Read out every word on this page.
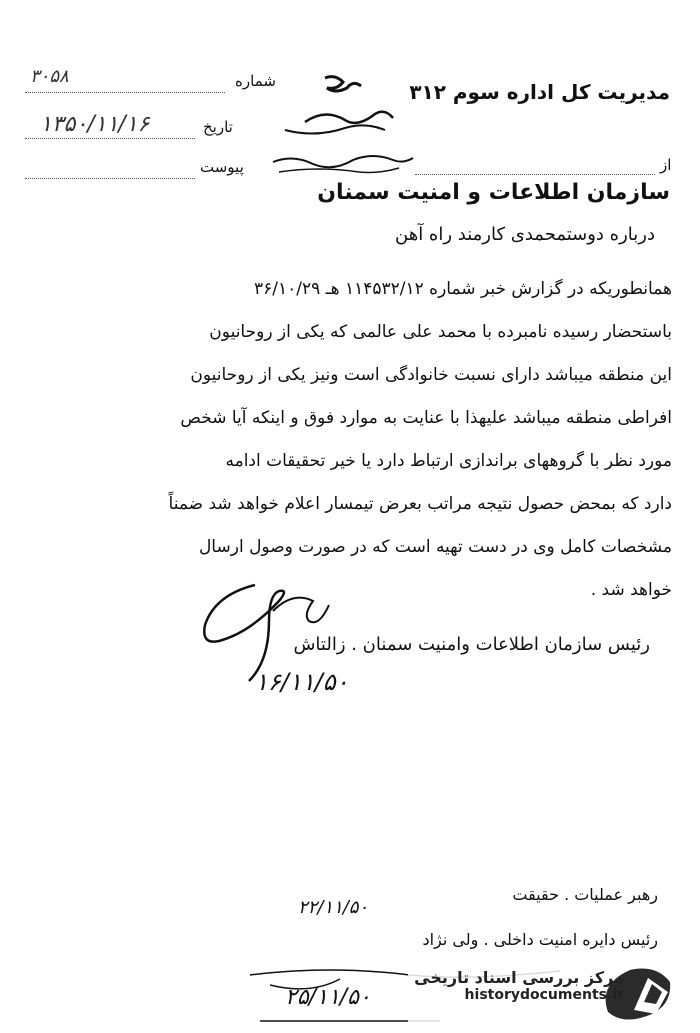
مدیریت کل اداره سوم ۳۱۲
شماره
۳۰۵۸
تاریخ
۱۳۵۰/۱۱/۱۶
پیوست	از
سازمان اطلاعات و امنیت سمنان
درباره دوستمحمدی کارمند راه آهن
همانطوریکه در گزارش خبر شماره ۱۱۴۵۳۲/۱۲ هـ ۳۶/۱۰/۲۹
باستحضار رسیده نامبرده با محمد علی عالمی که یکی از روحانیون
این منطقه میباشد دارای نسبت خانوادگی است ونیز یکی از روحانیون
افراطی منطقه میباشد علیهذا با عنایت به موارد فوق و اینکه آیا شخص
مورد نظر با گروههای براندازی ارتباط دارد یا خیر تحقیقات ادامه
دارد که بمحض حصول نتیجه مراتب بعرض تیمسار اعلام خواهد شد ضمناً
مشخصات کامل وی در دست تهیه است که در صورت وصول ارسال
خواهد شد .
رئیس سازمان اطلاعات وامنیت سمنان . زالتاش
۱۶/۱۱/۵۰
رهبر عملیات . حقیقت
۲۲/۱۱/۵۰
رئیس دایره امنیت داخلی . ولی نژاد
۲۵/۱۱/۵۰
مرکز بررسی اسناد تاریخی
historydocuments.ir
